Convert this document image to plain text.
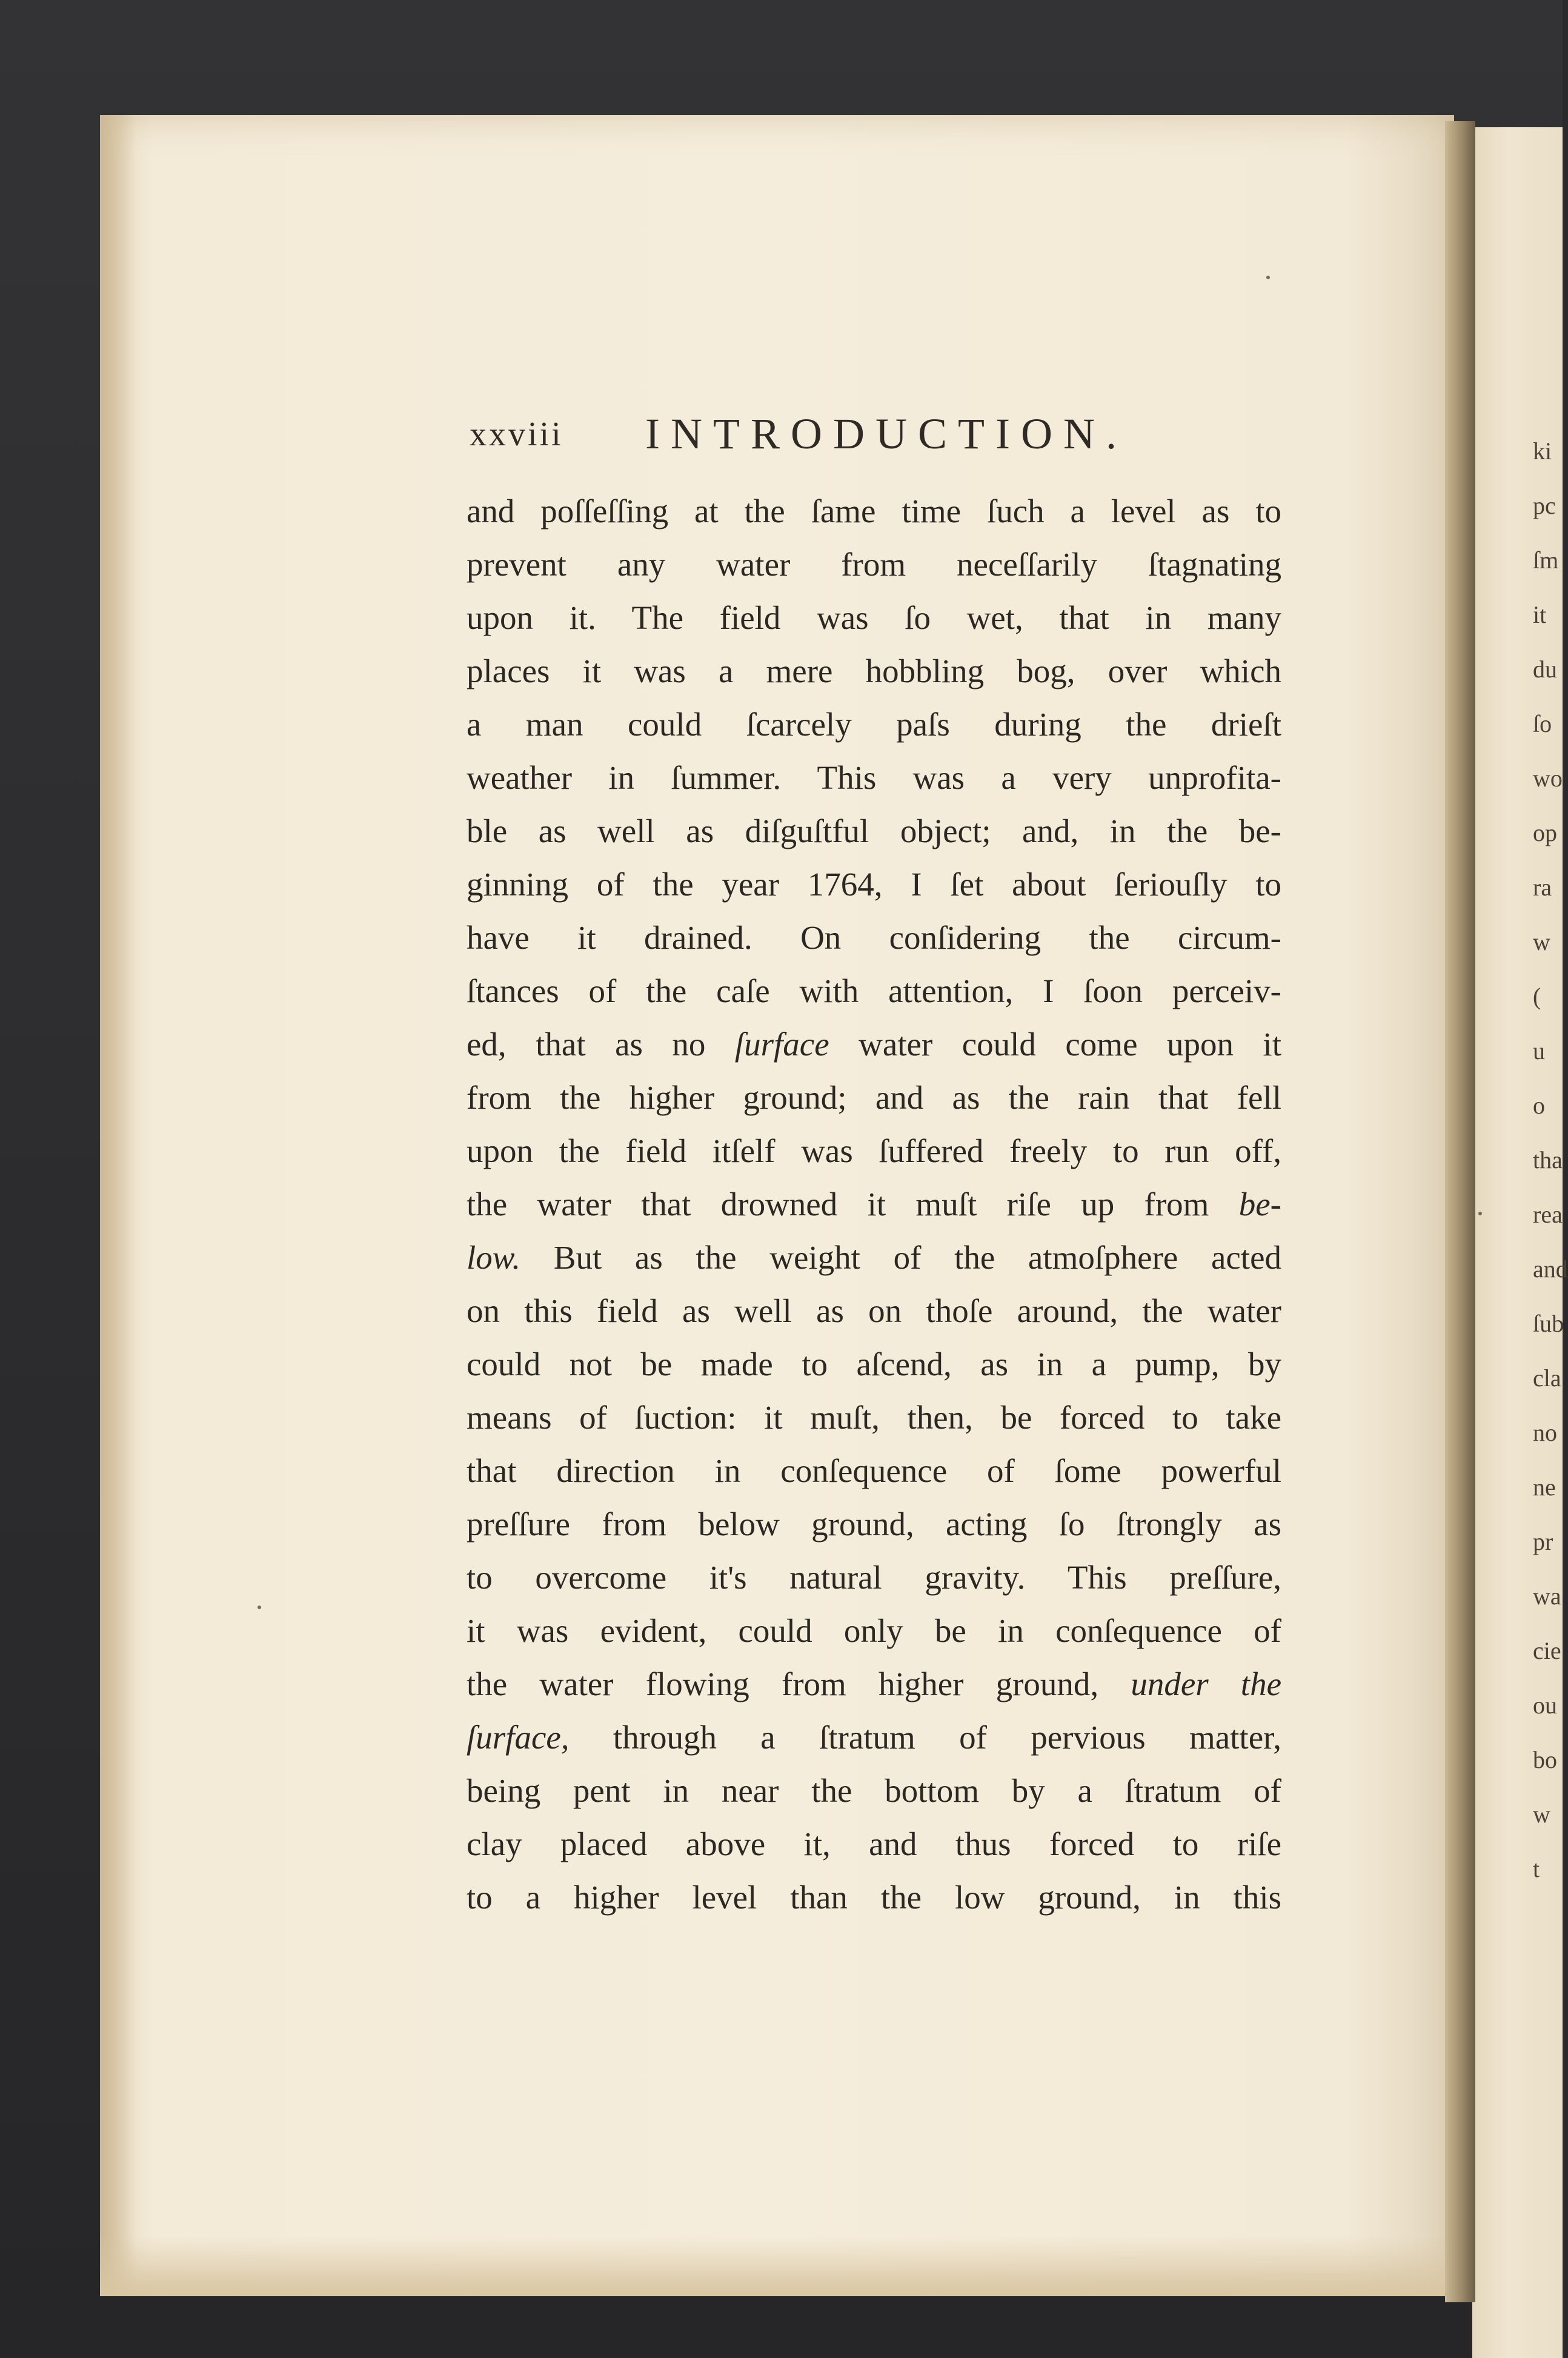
ki
pc
ſm
it
du
ſo
wo
op
ra
w
(
u
o
tha
rea
and
ſub
cla
no
ne
pr
wa
cie
ou
bo
w
t
xxviii INTRODUCTION.
and poſſeſſing at the ſame time ſuch a level as to
prevent any water from neceſſarily ſtagnating
upon it. The field was ſo wet, that in many
places it was a mere hobbling bog, over which
a man could ſcarcely paſs during the drieſt
weather in ſummer. This was a very unprofita-
ble as well as diſguſtful object; and, in the be-
ginning of the year 1764, I ſet about ſeriouſly to
have it drained. On conſidering the circum-
ſtances of the caſe with attention, I ſoon perceiv-
ed, that as no ſurface water could come upon it
from the higher ground; and as the rain that fell
upon the field itſelf was ſuffered freely to run off,
the water that drowned it muſt riſe up from be-
low. But as the weight of the atmoſphere acted
on this field as well as on thoſe around, the water
could not be made to aſcend, as in a pump, by
means of ſuction: it muſt, then, be forced to take
that direction in conſequence of ſome powerful
preſſure from below ground, acting ſo ſtrongly as
to overcome it's natural gravity. This preſſure,
it was evident, could only be in conſequence of
the water flowing from higher ground, under the
ſurface, through a ſtratum of pervious matter,
being pent in near the bottom by a ſtratum of
clay placed above it, and thus forced to riſe
to a higher level than the low ground, in this
